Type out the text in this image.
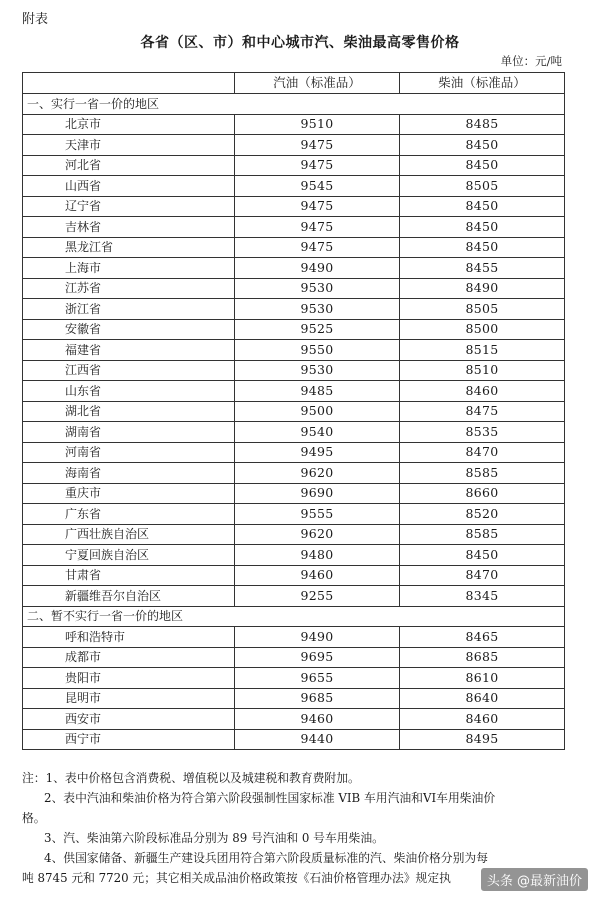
附表
各省（区、市）和中心城市汽、柴油最高零售价格
单位：元/吨
	汽油（标准品）	柴油（标准品）
一、实行一省一价的地区		
北京市	9510	8485
天津市	9475	8450
河北省	9475	8450
山西省	9545	8505
辽宁省	9475	8450
吉林省	9475	8450
黑龙江省	9475	8450
上海市	9490	8455
江苏省	9530	8490
浙江省	9530	8505
安徽省	9525	8500
福建省	9550	8515
江西省	9530	8510
山东省	9485	8460
湖北省	9500	8475
湖南省	9540	8535
河南省	9495	8470
海南省	9620	8585
重庆市	9690	8660
广东省	9555	8520
广西壮族自治区	9620	8585
宁夏回族自治区	9480	8450
甘肃省	9460	8470
新疆维吾尔自治区	9255	8345
二、暂不实行一省一价的地区		
呼和浩特市	9490	8465
成都市	9695	8685
贵阳市	9655	8610
昆明市	9685	8640
西安市	9460	8460
西宁市	9440	8495

注：1、表中价格包含消费税、增值税以及城建税和教育费附加。

2、表中汽油和柴油价格为符合第六阶段强制性国家标准 VIB 车用汽油和VI车用柴油价

格。

3、汽、柴油第六阶段标准品分别为 89 号汽油和 0 号车用柴油。

4、供国家储备、新疆生产建设兵团用符合第六阶段质量标准的汽、柴油价格分别为每

吨 8745 元和 7720 元；其它相关成品油价格政策按《石油价格管理办法》规定执	头条 @最新油价
